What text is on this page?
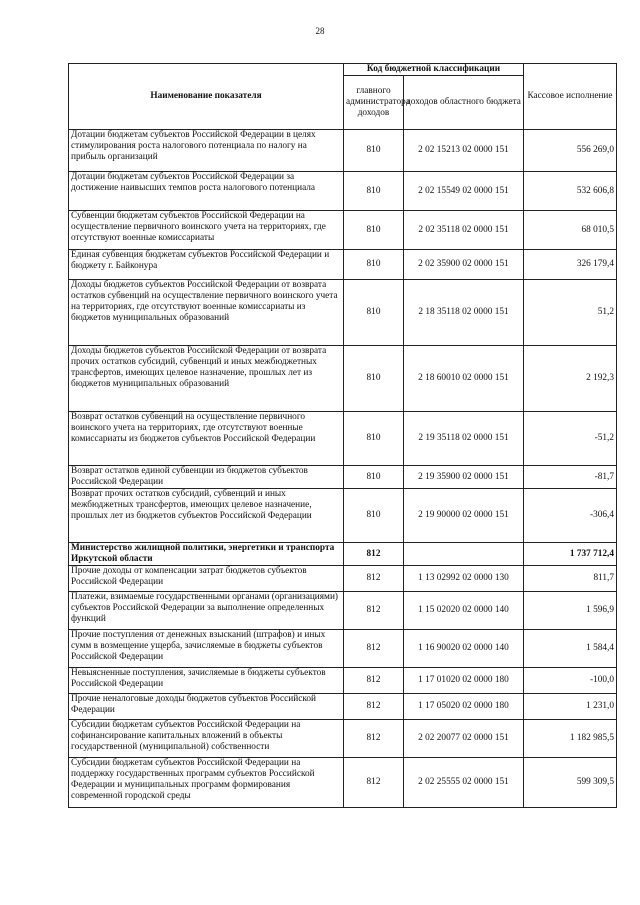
28
Наименование показателя	Код бюджетной классификации		Кассовое исполнение
	главного администратора доходов	доходов областного бюджета	
Дотации бюджетам субъектов Российской Федерации в целях стимулирования роста налогового потенциала по налогу на прибыль организаций	810	2 02 15213 02 0000 151	556 269,0
Дотации бюджетам субъектов Российской Федерации за достижение наивысших темпов роста налогового потенциала	810	2 02 15549 02 0000 151	532 606,8
Субвенции бюджетам субъектов Российской Федерации на осуществление первичного воинского учета на территориях, где отсутствуют военные комиссариаты	810	2 02 35118 02 0000 151	68 010,5
Единая субвенция бюджетам субъектов Российской Федерации и бюджету г. Байконура	810	2 02 35900 02 0000 151	326 179,4
Доходы бюджетов субъектов Российской Федерации от возврата остатков субвенций на осуществление первичного воинского учета на территориях, где отсутствуют военные комиссариаты из бюджетов муниципальных образований	810	2 18 35118 02 0000 151	51,2
Доходы бюджетов субъектов Российской Федерации от возврата прочих остатков субсидий, субвенций и иных межбюджетных трансфертов, имеющих целевое назначение, прошлых лет из бюджетов муниципальных образований	810	2 18 60010 02 0000 151	2 192,3
Возврат остатков субвенций на осуществление первичного воинского учета на территориях, где отсутствуют военные комиссариаты из бюджетов субъектов Российской Федерации	810	2 19 35118 02 0000 151	-51,2
Возврат остатков единой субвенции из бюджетов субъектов Российской Федерации	810	2 19 35900 02 0000 151	-81,7
Возврат прочих остатков субсидий, субвенций и иных межбюджетных трансфертов, имеющих целевое назначение, прошлых лет из бюджетов субъектов Российской Федерации	810	2 19 90000 02 0000 151	-306,4
Министерство жилищной политики, энергетики и транспорта Иркутской области	812		1 737 712,4
Прочие доходы от компенсации затрат бюджетов субъектов Российской Федерации	812	1 13 02992 02 0000 130	811,7
Платежи, взимаемые государственными органами (организациями) субъектов Российской Федерации за выполнение определенных функций	812	1 15 02020 02 0000 140	1 596,9
Прочие поступления от денежных взысканий (штрафов) и иных сумм в возмещение ущерба, зачисляемые в бюджеты субъектов Российской Федерации	812	1 16 90020 02 0000 140	1 584,4
Невыясненные поступления, зачисляемые в бюджеты субъектов Российской Федерации	812	1 17 01020 02 0000 180	-100,0
Прочие неналоговые доходы бюджетов субъектов Российской Федерации	812	1 17 05020 02 0000 180	1 231,0
Субсидии бюджетам субъектов Российской Федерации на софинансирование капитальных вложений в объекты государственной (муниципальной) собственности	812	2 02 20077 02 0000 151	1 182 985,5
Субсидии бюджетам субъектов Российской Федерации на поддержку государственных программ субъектов Российской Федерации и муниципальных программ формирования современной городской среды	812	2 02 25555 02 0000 151	599 309,5
